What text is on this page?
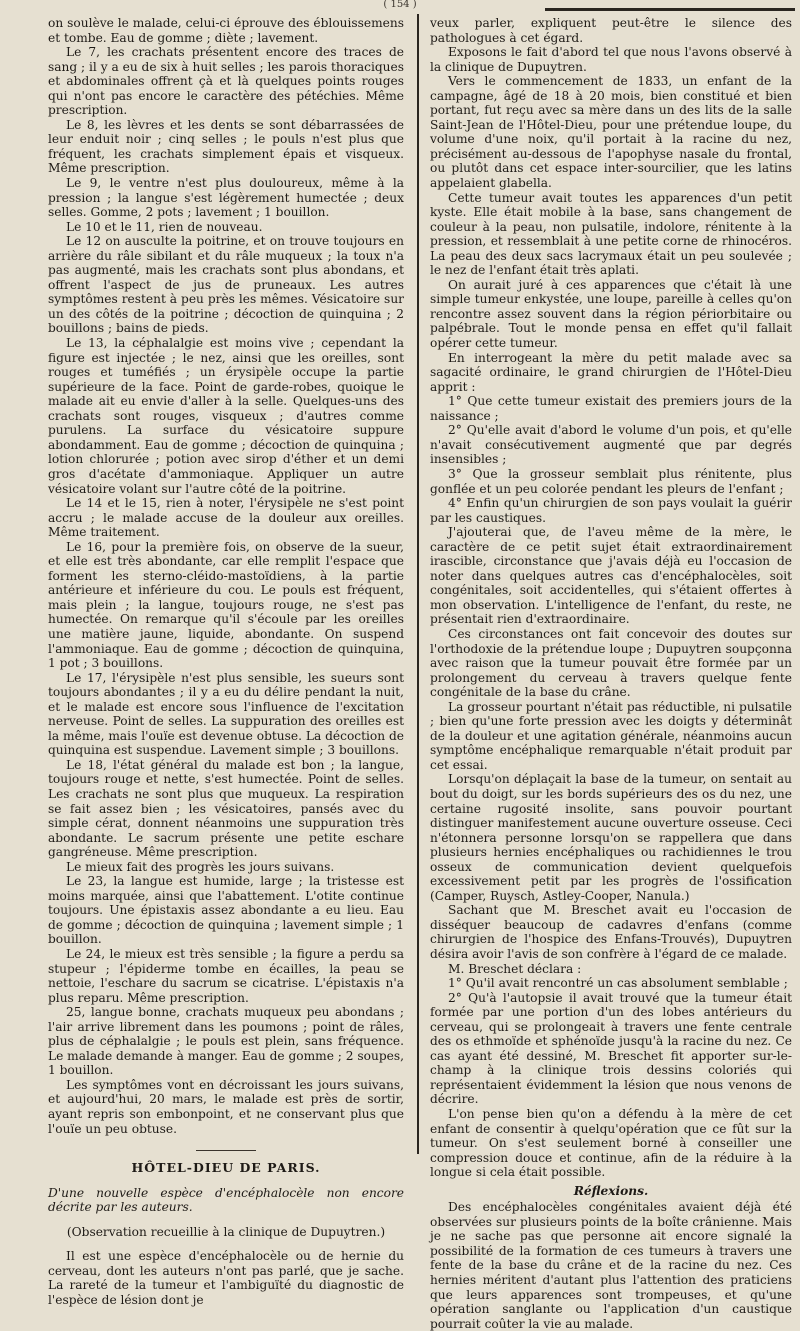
( 154 )

on soulève le malade, celui-ci éprouve des éblouissemens et tombe. Eau de gomme ; diète ; lavement.

Le 7, les crachats présentent encore des traces de sang ; il y a eu de six à huit selles ; les parois thoraciques et abdominales offrent çà et là quelques points rouges qui n'ont pas encore le caractère des pétéchies. Même prescription.

Le 8, les lèvres et les dents se sont débarrassées de leur enduit noir ; cinq selles ; le pouls n'est plus que fréquent, les crachats simplement épais et visqueux. Même prescription.

Le 9, le ventre n'est plus douloureux, même à la pression ; la langue s'est légèrement humectée ; deux selles. Gomme, 2 pots ; lavement ; 1 bouillon.

Le 10 et le 11, rien de nouveau.

Le 12 on ausculte la poitrine, et on trouve toujours en arrière du râle sibilant et du râle muqueux ; la toux n'a pas augmenté, mais les crachats sont plus abondans, et offrent l'aspect de jus de pruneaux. Les autres symptômes restent à peu près les mêmes. Vésicatoire sur un des côtés de la poitrine ; décoction de quinquina ; 2 bouillons ; bains de pieds.

Le 13, la céphalalgie est moins vive ; cependant la figure est injectée ; le nez, ainsi que les oreilles, sont rouges et tuméfiés ; un érysipèle occupe la partie supérieure de la face. Point de garde-robes, quoique le malade ait eu envie d'aller à la selle. Quelques-uns des crachats sont rouges, visqueux ; d'autres comme purulens. La surface du vésicatoire suppure abondamment. Eau de gomme ; décoction de quinquina ; lotion chlorurée ; potion avec sirop d'éther et un demi gros d'acétate d'ammoniaque. Appliquer un autre vésicatoire volant sur l'autre côté de la poitrine.

Le 14 et le 15, rien à noter, l'érysipèle ne s'est point accru ; le malade accuse de la douleur aux oreilles. Même traitement.

Le 16, pour la première fois, on observe de la sueur, et elle est très abondante, car elle remplit l'espace que forment les sterno-cléido-mastoïdiens, à la partie antérieure et inférieure du cou. Le pouls est fréquent, mais plein ; la langue, toujours rouge, ne s'est pas humectée. On remarque qu'il s'écoule par les oreilles une matière jaune, liquide, abondante. On suspend l'ammoniaque. Eau de gomme ; décoction de quinquina, 1 pot ; 3 bouillons.

Le 17, l'érysipèle n'est plus sensible, les sueurs sont toujours abondantes ; il y a eu du délire pendant la nuit, et le malade est encore sous l'influence de l'excitation nerveuse. Point de selles. La suppuration des oreilles est la même, mais l'ouïe est devenue obtuse. La décoction de quinquina est suspendue. Lavement simple ; 3 bouillons.

Le 18, l'état général du malade est bon ; la langue, toujours rouge et nette, s'est humectée. Point de selles. Les crachats ne sont plus que muqueux. La respiration se fait assez bien ; les vésicatoires, pansés avec du simple cérat, donnent néanmoins une suppuration très abondante. Le sacrum présente une petite eschare gangréneuse. Même prescription.

Le mieux fait des progrès les jours suivans.

Le 23, la langue est humide, large ; la tristesse est moins marquée, ainsi que l'abattement. L'otite continue toujours. Une épistaxis assez abondante a eu lieu. Eau de gomme ; décoction de quinquina ; lavement simple ; 1 bouillon.

Le 24, le mieux est très sensible ; la figure a perdu sa stupeur ; l'épiderme tombe en écailles, la peau se nettoie, l'eschare du sacrum se cicatrise. L'épistaxis n'a plus reparu. Même prescription.

25, langue bonne, crachats muqueux peu abondans ; l'air arrive librement dans les poumons ; point de râles, plus de céphalalgie ; le pouls est plein, sans fréquence. Le malade demande à manger. Eau de gomme ; 2 soupes, 1 bouillon.

Les symptômes vont en décroissant les jours suivans, et aujourd'hui, 20 mars, le malade est près de sortir, ayant repris son embonpoint, et ne conservant plus que l'ouïe un peu obtuse.

HÔTEL-DIEU DE PARIS.

D'une nouvelle espèce d'encéphalocèle non encore décrite par les auteurs.

(Observation recueillie à la clinique de Dupuytren.)

Il est une espèce d'encéphalocèle ou de hernie du cerveau, dont les auteurs n'ont pas parlé, que je sache. La rareté de la tumeur et l'ambiguïté du diagnostic de l'espèce de lésion dont je

veux parler, expliquent peut-être le silence des pathologues à cet égard.

Exposons le fait d'abord tel que nous l'avons observé à la clinique de Dupuytren.

Vers le commencement de 1833, un enfant de la campagne, âgé de 18 à 20 mois, bien constitué et bien portant, fut reçu avec sa mère dans un des lits de la salle Saint-Jean de l'Hôtel-Dieu, pour une prétendue loupe, du volume d'une noix, qu'il portait à la racine du nez, précisément au-dessous de l'apophyse nasale du frontal, ou plutôt dans cet espace inter-sourcilier, que les latins appelaient glabella.

Cette tumeur avait toutes les apparences d'un petit kyste. Elle était mobile à la base, sans changement de couleur à la peau, non pulsatile, indolore, rénitente à la pression, et ressemblait à une petite corne de rhinocéros. La peau des deux sacs lacrymaux était un peu soulevée ; le nez de l'enfant était très aplati.

On aurait juré à ces apparences que c'était là une simple tumeur enkystée, une loupe, pareille à celles qu'on rencontre assez souvent dans la région périorbitaire ou palpébrale. Tout le monde pensa en effet qu'il fallait opérer cette tumeur.

En interrogeant la mère du petit malade avec sa sagacité ordinaire, le grand chirurgien de l'Hôtel-Dieu apprit :

1° Que cette tumeur existait des premiers jours de la naissance ;

2° Qu'elle avait d'abord le volume d'un pois, et qu'elle n'avait consécutivement augmenté que par degrés insensibles ;

3° Que la grosseur semblait plus rénitente, plus gonflée et un peu colorée pendant les pleurs de l'enfant ;

4° Enfin qu'un chirurgien de son pays voulait la guérir par les caustiques.

J'ajouterai que, de l'aveu même de la mère, le caractère de ce petit sujet était extraordinairement irascible, circonstance que j'avais déjà eu l'occasion de noter dans quelques autres cas d'encéphalocèles, soit congénitales, soit accidentelles, qui s'étaient offertes à mon observation. L'intelligence de l'enfant, du reste, ne présentait rien d'extraordinaire.

Ces circonstances ont fait concevoir des doutes sur l'orthodoxie de la prétendue loupe ; Dupuytren soupçonna avec raison que la tumeur pouvait être formée par un prolongement du cerveau à travers quelque fente congénitale de la base du crâne.

La grosseur pourtant n'était pas réductible, ni pulsatile ; bien qu'une forte pression avec les doigts y déterminât de la douleur et une agitation générale, néanmoins aucun symptôme encéphalique remarquable n'était produit par cet essai.

Lorsqu'on déplaçait la base de la tumeur, on sentait au bout du doigt, sur les bords supérieurs des os du nez, une certaine rugosité insolite, sans pouvoir pourtant distinguer manifestement aucune ouverture osseuse. Ceci n'étonnera personne lorsqu'on se rappellera que dans plusieurs hernies encéphaliques ou rachidiennes le trou osseux de communication devient quelquefois excessivement petit par les progrès de l'ossification (Camper, Ruysch, Astley-Cooper, Nanula.)

Sachant que M. Breschet avait eu l'occasion de disséquer beaucoup de cadavres d'enfans (comme chirurgien de l'hospice des Enfans-Trouvés), Dupuytren désira avoir l'avis de son confrère à l'égard de ce malade.

M. Breschet déclara :

1° Qu'il avait rencontré un cas absolument semblable ;

2° Qu'à l'autopsie il avait trouvé que la tumeur était formée par une portion d'un des lobes antérieurs du cerveau, qui se prolongeait à travers une fente centrale des os ethmoïde et sphénoïde jusqu'à la racine du nez. Ce cas ayant été dessiné, M. Breschet fit apporter sur-le-champ à la clinique trois dessins coloriés qui représentaient évidemment la lésion que nous venons de décrire.

L'on pense bien qu'on a défendu à la mère de cet enfant de consentir à quelqu'opération que ce fût sur la tumeur. On s'est seulement borné à conseiller une compression douce et continue, afin de la réduire à la longue si cela était possible.

Réflexions.

Des encéphalocèles congénitales avaient déjà été observées sur plusieurs points de la boîte crânienne. Mais je ne sache pas que personne ait encore signalé la possibilité de la formation de ces tumeurs à travers une fente de la base du crâne et de la racine du nez. Ces hernies méritent d'autant plus l'attention des praticiens que leurs apparences sont trompeuses, et qu'une opération sanglante ou l'application d'un caustique pourrait coûter la vie au malade.
